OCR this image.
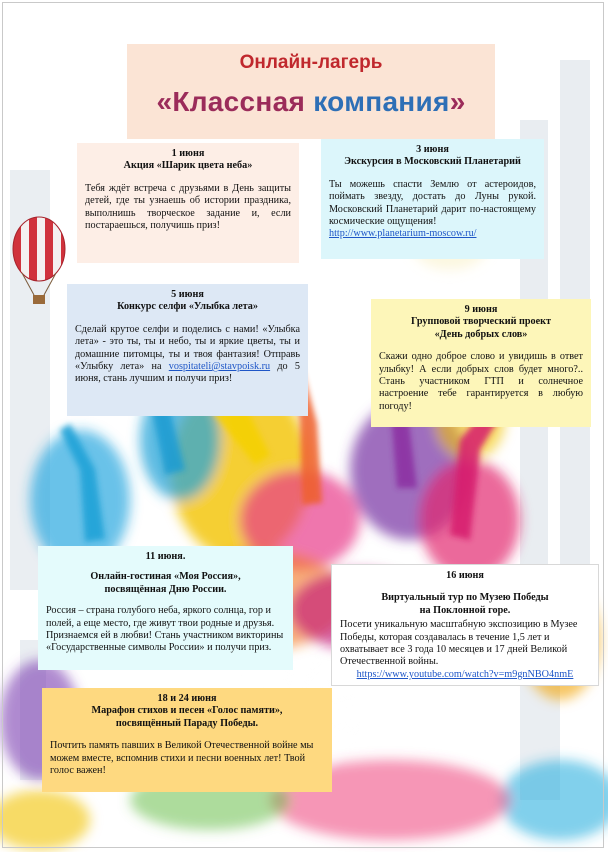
Онлайн-лагерь
«Классная компания»
1 июня
Акция «Шарик цвета неба»
Тебя ждёт встреча с друзьями в День защиты детей, где ты узнаешь об истории праздника, выполнишь творческое задание и, если постараешься, получишь приз!
3 июня
Экскурсия в Московский Планетарий
Ты можешь спасти Землю от астероидов, поймать звезду, достать до Луны рукой. Московский Планетарий дарит по-настоящему космические ощущения!
http://www.planetarium-moscow.ru/
5 июня
Конкурс селфи «Улыбка лета»
Сделай крутое селфи и поделись с нами! «Улыбка лета» - это ты, ты и небо, ты и яркие цветы, ты и домашние питомцы, ты и твоя фантазия! Отправь «Улыбку лета» на vospitateli@stavpoisk.ru до 5 июня, стань лучшим и получи приз!
9 июня
Групповой творческий проект
«День добрых слов»
Скажи одно доброе слово и увидишь в ответ улыбку! А если добрых слов будет много?.. Стань участником ГТП и солнечное настроение тебе гарантируется в любую погоду!
11 июня.
Онлайн-гостиная «Моя Россия»,
посвящённая Дню России.
Россия – страна голубого неба, яркого солнца, гор и полей, а еще место, где живут твои родные и друзья. Признаемся ей в любви! Стань участником викторины «Государственные символы России» и получи приз.
16 июня
Виртуальный тур по Музею Победы
на Поклонной горе.
Посети уникальную масштабную экспозицию в Музее Победы, которая создавалась в течение 1,5 лет и охватывает все 3 года 10 месяцев и 17 дней Великой Отечественной войны.
https://www.youtube.com/watch?v=m9gnNBO4nmE
18 и 24 июня
Марафон стихов и песен «Голос памяти»,
посвящённый Параду Победы.
Почтить память павших в Великой Отечественной войне мы можем вместе, вспомнив стихи и песни военных лет! Твой голос важен!
